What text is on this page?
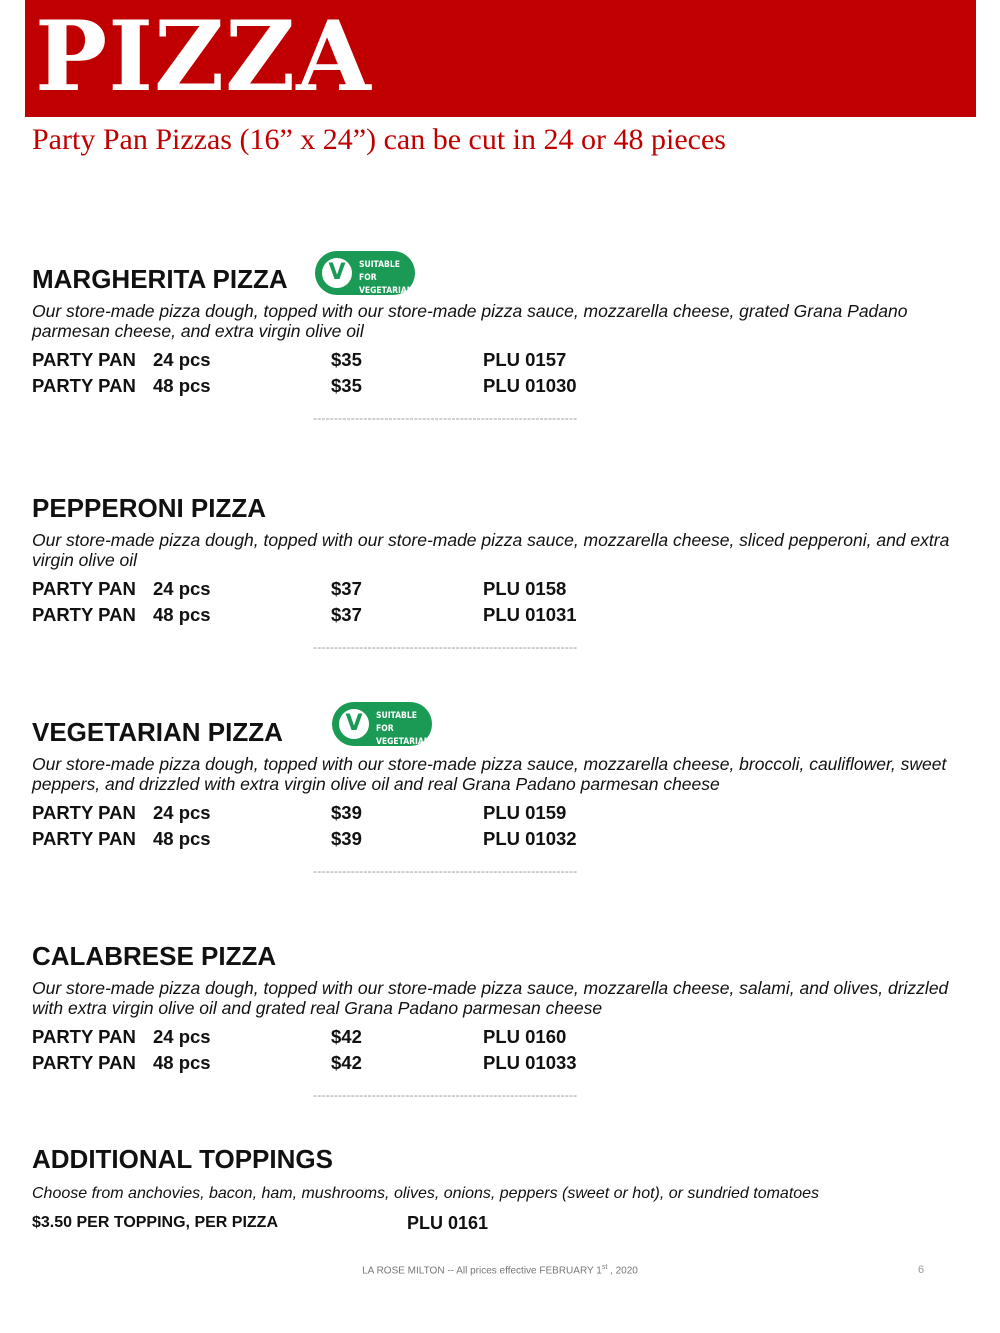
PIZZA
Party Pan Pizzas (16” x 24”) can be cut in 24 or 48 pieces
MARGHERITA PIZZA
Our store-made pizza dough, topped with our store-made pizza sauce, mozzarella cheese, grated Grana Padano parmesan cheese, and extra virgin olive oil
PARTY PAN 24 pcs	$35	PLU 0157
PARTY PAN 48 pcs	$35	PLU 01030
V
SUITABLE FOR
VEGETARIANS
---------------------------------------------------------------
PEPPERONI PIZZA
Our store-made pizza dough, topped with our store-made pizza sauce, mozzarella cheese, sliced pepperoni, and extra virgin olive oil
PARTY PAN 24 pcs	$37	PLU 0158
PARTY PAN 48 pcs	$37	PLU 01031
---------------------------------------------------------------
VEGETARIAN PIZZA
Our store-made pizza dough, topped with our store-made pizza sauce, mozzarella cheese, broccoli, cauliflower, sweet peppers, and drizzled with extra virgin olive oil and real Grana Padano parmesan cheese
PARTY PAN 24 pcs	$39	PLU 0159
PARTY PAN 48 pcs	$39	PLU 01032
V
SUITABLE FOR
VEGETARIANS
---------------------------------------------------------------
CALABRESE PIZZA
Our store-made pizza dough, topped with our store-made pizza sauce, mozzarella cheese, salami, and olives, drizzled with extra virgin olive oil and grated real Grana Padano parmesan cheese
PARTY PAN 24 pcs	$42	PLU 0160
PARTY PAN 48 pcs	$42	PLU 01033
---------------------------------------------------------------
ADDITIONAL TOPPINGS
Choose from anchovies, bacon, ham, mushrooms, olives, onions, peppers (sweet or hot), or sundried tomatoes
$3.50 PER TOPPING, PER PIZZA	PLU 0161
LA ROSE MILTON -- All prices effective FEBRUARY 1st , 2020	6
